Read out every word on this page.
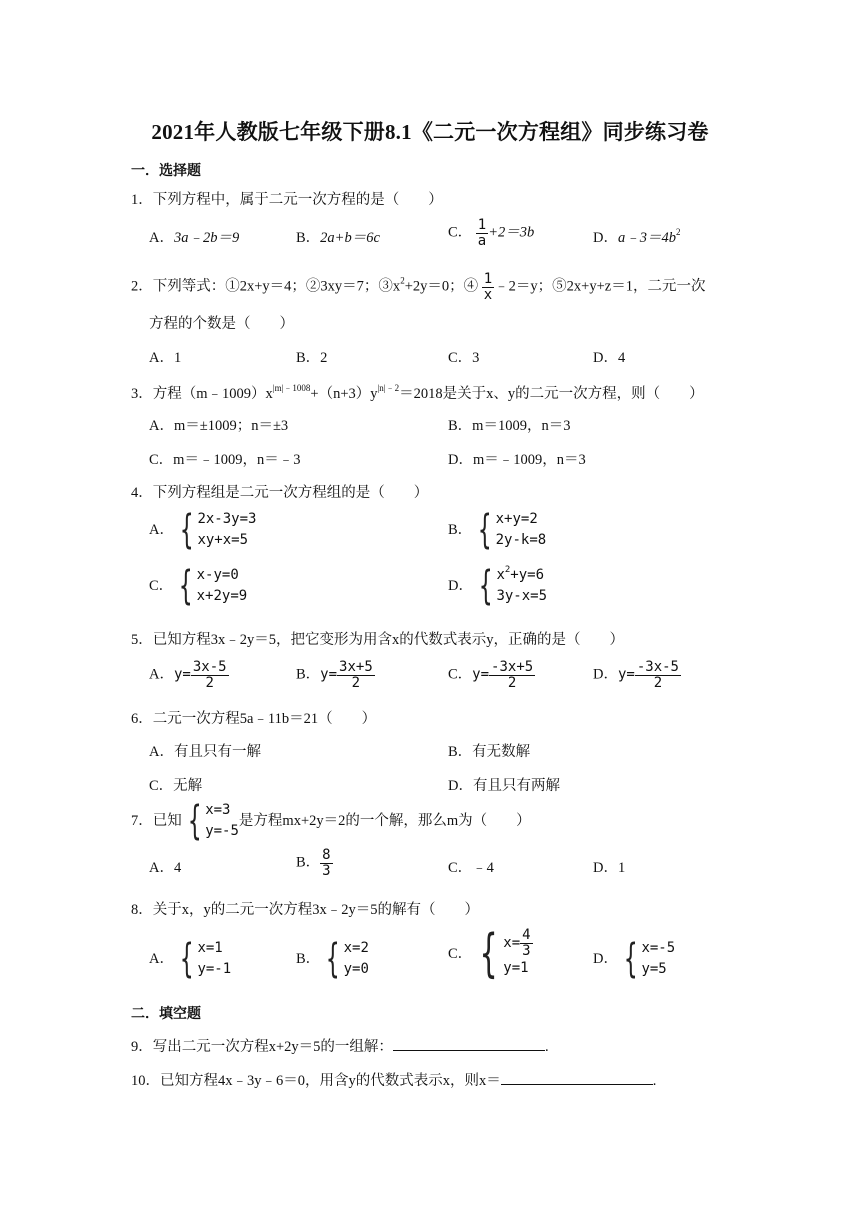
2021年人教版七年级下册8.1《二元一次方程组》同步练习卷
一．选择题
1．下列方程中，属于二元一次方程的是（　　）
A．3a﹣2b＝9	B．2a+b＝6c	C． $\frac{1}{a} +2=3b$	D．$a﹣3=4b^2$
2．下列等式：①2x+y＝4；②3xy＝7；$③x^2+2y=0$；④ $\frac{1}{x}$ ﹣2＝y；⑤2x+y+z＝1，二元一次
方程的个数是（　　）
A．1	B．2	C．3	D．4
3．方程$(m﹣1009)x^{|m|﹣1008}+(n+3)y^{|n|﹣2}=2018$是关于x、y的二元一次方程，则（　　）
A．m＝±1009；n＝±3	B．m＝1009，n＝3
C．m＝﹣1009，n＝﹣3	D．m＝﹣1009，n＝3
4．下列方程组是二元一次方程组的是（　　）
A． { 2x-3y=3
xy+x=5
B． { x+y=2
2y-k=8
C． { x-y=0
x+2y=9
D． { $x^2+y=6$
3y-x=5
5．已知方程3x﹣2y＝5，把它变形为用含x的代数式表示y，正确的是（　　）
A．$y= \frac{3x-5}{2}$	B．$y= \frac{3x+5}{2}$	C．$y= \frac{-3x+5}{2}$	D．$y= \frac{-3x-5}{2}$
6．二元一次方程5a﹣11b＝21（　　）
A．有且只有一解	B．有无数解
C．无解	D．有且只有两解
7．已知 { x=3
y=-5
是方程mx+2y＝2的一个解，那么m为（　　）
A．4	B． $\frac{8}{3}$	C．﹣4	D．1
8．关于x，y的二元一次方程3x﹣2y＝5的解有（　　）
A． { x=1
y=-1
B． { x=2
y=0
C． { $x= \frac{4}{3}$
y=1
D． { x=-5
y=5
二．填空题
9．写出二元一次方程x+2y＝5的一组解：	.
10．已知方程4x﹣3y﹣6＝0，用含y的代数式表示x，则x＝	.
